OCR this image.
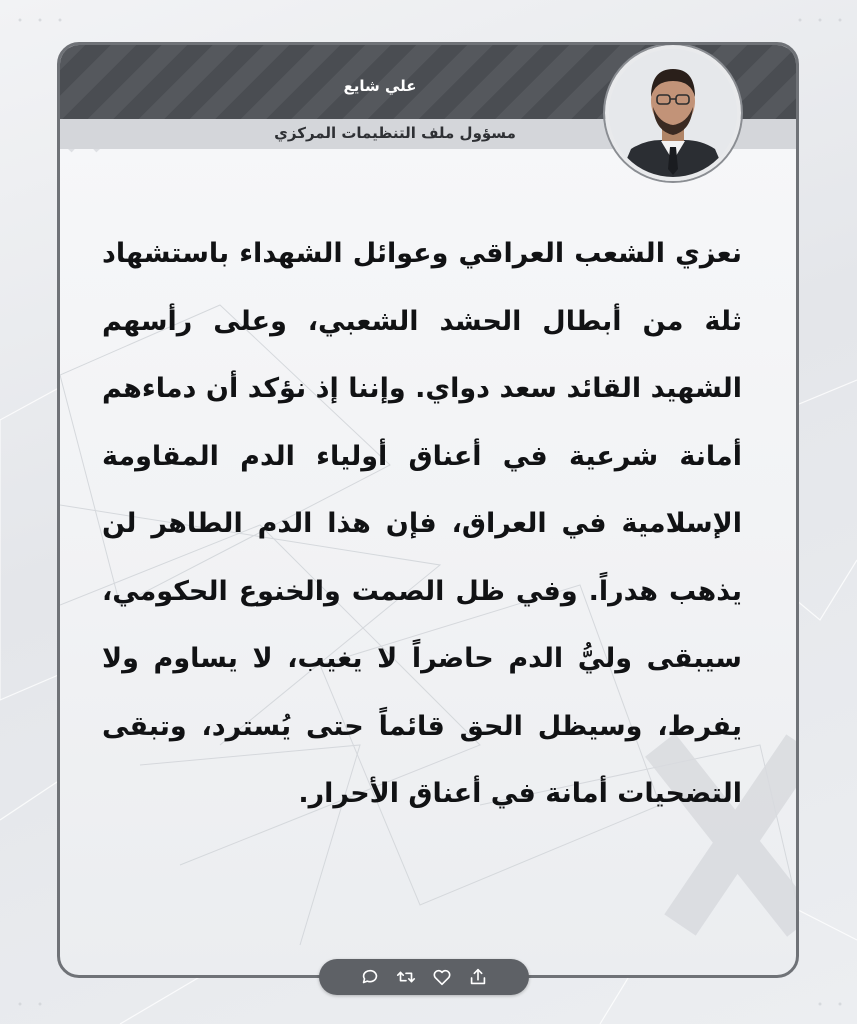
علي شايع
مسؤول ملف التنظيمات المركزي
نعزي الشعب العراقي وعوائل الشهداء باستشهاد ثلة من أبطال الحشد الشعبي، وعلى رأسهم الشهيد القائد سعد دواي. وإننا إذ نؤكد أن دماءهم أمانة شرعية في أعناق أولياء الدم المقاومة الإسلامية في العراق، فإن هذا الدم الطاهر لن يذهب هدراً. وفي ظل الصمت والخنوع الحكومي، سيبقى وليُّ الدم حاضراً لا يغيب، لا يساوم ولا يفرط، وسيظل الحق قائماً حتى يُسترد، وتبقى التضحيات أمانة في أعناق الأحرار.
